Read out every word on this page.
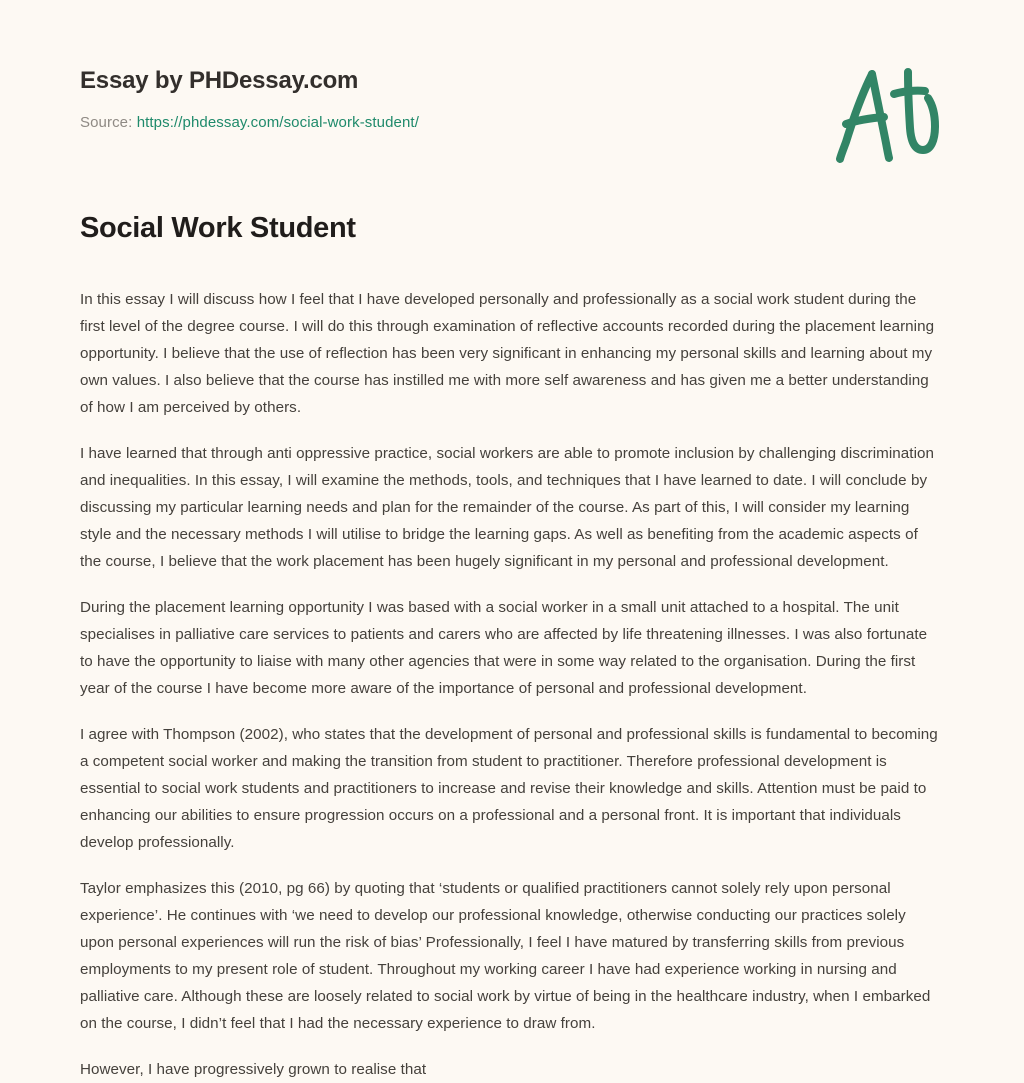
Essay by PHDessay.com

Source: https://phdessay.com/social-work-student/

Social Work Student

In this essay I will discuss how I feel that I have developed personally and professionally as a social work student during the first level of the degree course. I will do this through examination of reflective accounts recorded during the placement learning opportunity. I believe that the use of reflection has been very significant in enhancing my personal skills and learning about my own values. I also believe that the course has instilled me with more self awareness and has given me a better understanding of how I am perceived by others.

I have learned that through anti oppressive practice, social workers are able to promote inclusion by challenging discrimination and inequalities. In this essay, I will examine the methods, tools, and techniques that I have learned to date. I will conclude by discussing my particular learning needs and plan for the remainder of the course. As part of this, I will consider my learning style and the necessary methods I will utilise to bridge the learning gaps. As well as benefiting from the academic aspects of the course, I believe that the work placement has been hugely significant in my personal and professional development.

During the placement learning opportunity I was based with a social worker in a small unit attached to a hospital. The unit specialises in palliative care services to patients and carers who are affected by life threatening illnesses. I was also fortunate to have the opportunity to liaise with many other agencies that were in some way related to the organisation. During the first year of the course I have become more aware of the importance of personal and professional development.

I agree with Thompson (2002), who states that the development of personal and professional skills is fundamental to becoming a competent social worker and making the transition from student to practitioner. Therefore professional development is essential to social work students and practitioners to increase and revise their knowledge and skills. Attention must be paid to enhancing our abilities to ensure progression occurs on a professional and a personal front. It is important that individuals develop professionally.

Taylor emphasizes this (2010, pg 66) by quoting that ‘students or qualified practitioners cannot solely rely upon personal experience’. He continues with ‘we need to develop our professional knowledge, otherwise conducting our practices solely upon personal experiences will run the risk of bias’ Professionally, I feel I have matured by transferring skills from previous employments to my present role of student. Throughout my working career I have had experience working in nursing and palliative care. Although these are loosely related to social work by virtue of being in the healthcare industry, when I embarked on the course, I didn’t feel that I had the necessary experience to draw from.

However, I have progressively grown to realise that
